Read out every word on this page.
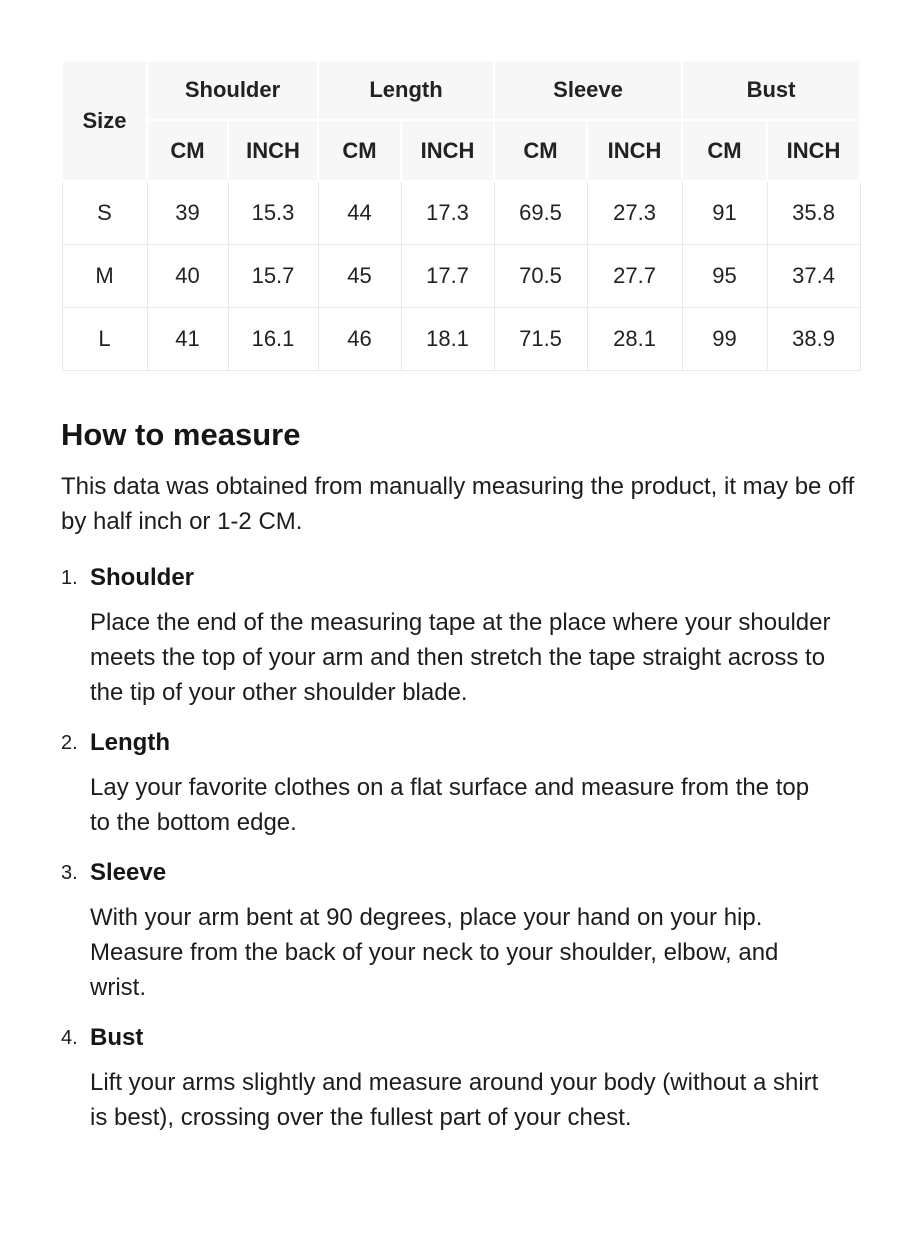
Size	Shoulder		Length		Sleeve		Bust	
	CM	INCH	CM	INCH	CM	INCH	CM	INCH
S	39	15.3	44	17.3	69.5	27.3	91	35.8
M	40	15.7	45	17.7	70.5	27.7	95	37.4
L	41	16.1	46	18.1	71.5	28.1	99	38.9
How to measure

This data was obtained from manually measuring the product, it may be off by half inch or 1-2 CM.

1. Shoulder

Place the end of the measuring tape at the place where your shoulder meets the top of your arm and then stretch the tape straight across to the tip of your other shoulder blade.

2. Length

Lay your favorite clothes on a flat surface and measure from the top to the bottom edge.

3. Sleeve

With your arm bent at 90 degrees, place your hand on your hip. Measure from the back of your neck to your shoulder, elbow, and wrist.

4. Bust

Lift your arms slightly and measure around your body (without a shirt is best), crossing over the fullest part of your chest.
